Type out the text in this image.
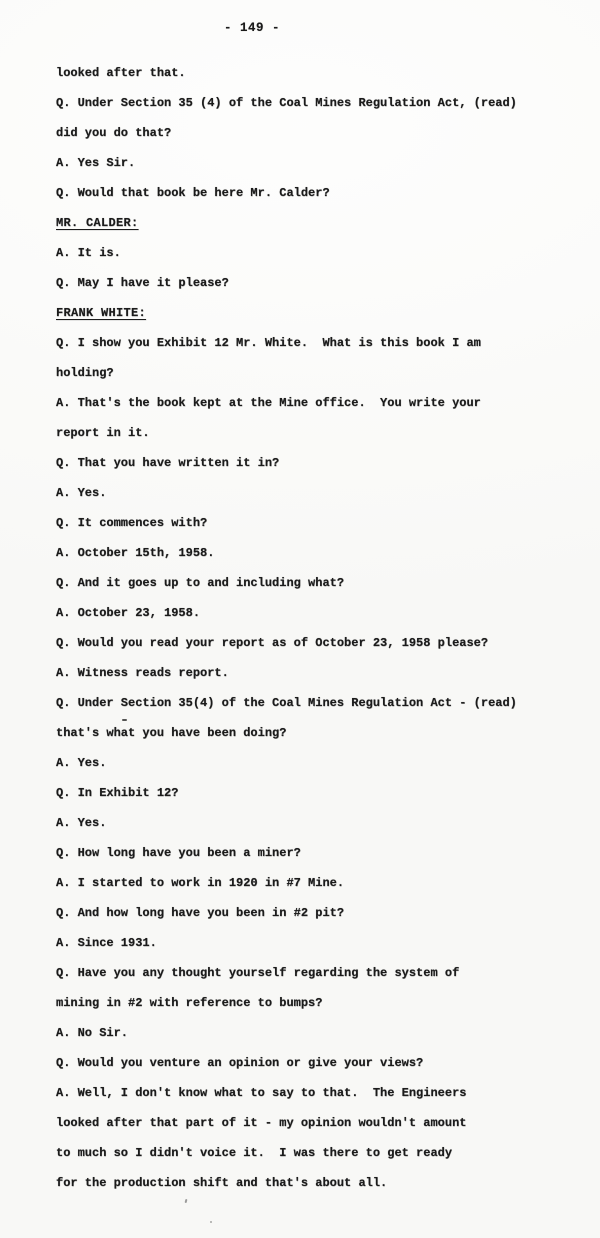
- 149 -
looked after that.
Q. Under Section 35 (4) of the Coal Mines Regulation Act, (read)
did you do that?
A. Yes Sir.
Q. Would that book be here Mr. Calder?
MR. CALDER:
A. It is.
Q. May I have it please?
FRANK WHITE:
Q. I show you Exhibit 12 Mr. White.  What is this book I am
holding?
A. That's the book kept at the Mine office.  You write your
report in it.
Q. That you have written it in?
A. Yes.
Q. It commences with?
A. October 15th, 1958.
Q. And it goes up to and including what?
A. October 23, 1958.
Q. Would you read your report as of October 23, 1958 please?
A. Witness reads report.
Q. Under Section 35(4) of the Coal Mines Regulation Act - (read)
that's what you have been doing?
A. Yes.
Q. In Exhibit 12?
A. Yes.
Q. How long have you been a miner?
A. I started to work in 1920 in #7 Mine.
Q. And how long have you been in #2 pit?
A. Since 1931.
Q. Have you any thought yourself regarding the system of
mining in #2 with reference to bumps?
A. No Sir.
Q. Would you venture an opinion or give your views?
A. Well, I don't know what to say to that.  The Engineers
looked after that part of it - my opinion wouldn't amount
to much so I didn't voice it.  I was there to get ready
for the production shift and that's about all.
